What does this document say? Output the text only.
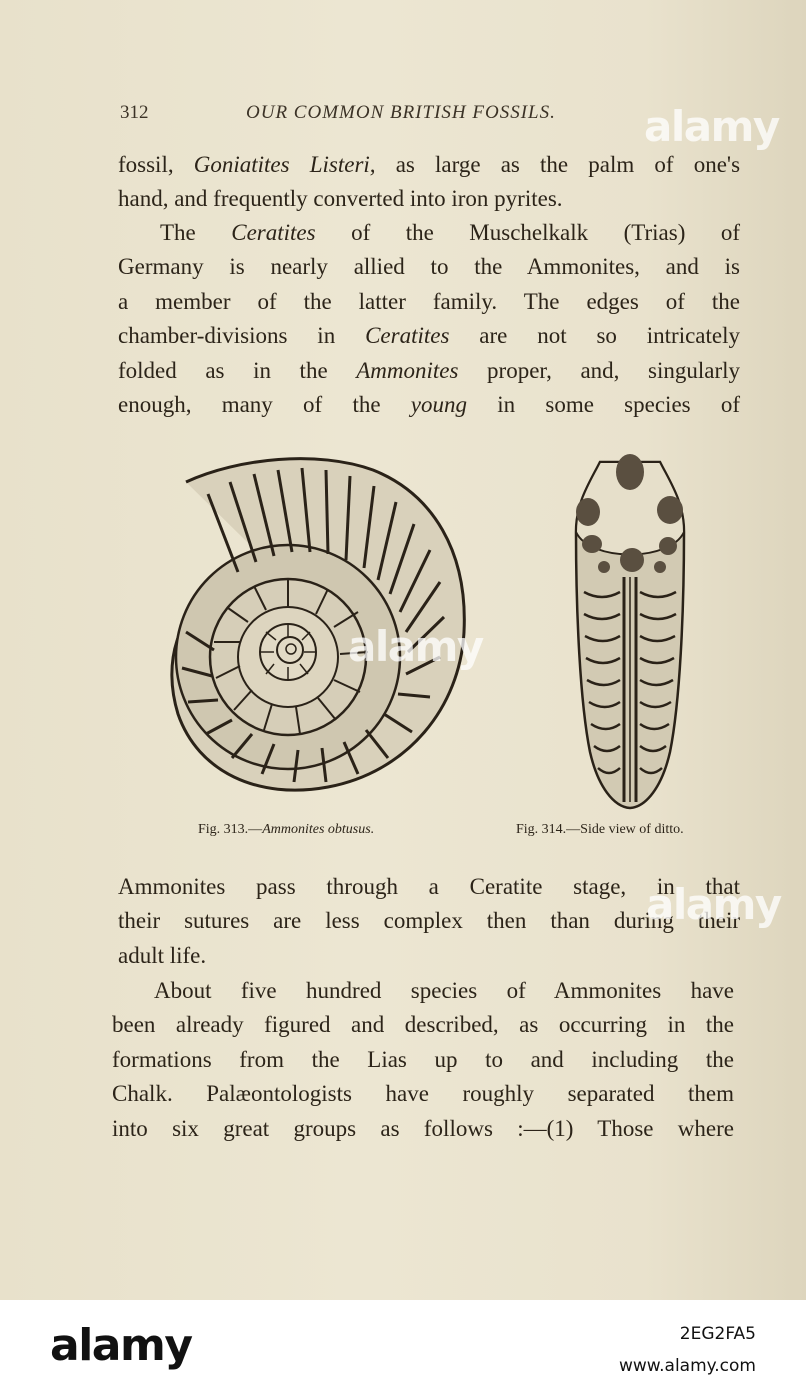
312	OUR COMMON BRITISH FOSSILS.
fossil, Goniatites Listeri, as large as the palm of one's
hand, and frequently converted into iron pyrites.
The Ceratites of the Muschelkalk (Trias) of
Germany is nearly allied to the Ammonites, and is
a member of the latter family. The edges of the
chamber-divisions in Ceratites are not so intricately
folded as in the Ammonites proper, and, singularly
enough, many of the young in some species of
Fig. 313.—Ammonites obtusus.	Fig. 314.—Side view of ditto.
Ammonites pass through a Ceratite stage, in that
their sutures are less complex then than during their
adult life.
About five hundred species of Ammonites have
been already figured and described, as occurring in the
formations from the Lias up to and including the
Chalk. Palæontologists have roughly separated them
into six great groups as follows :—(1) Those where
alamy
alamy
alamy
alamy	2EG2FA5
www.alamy.com
